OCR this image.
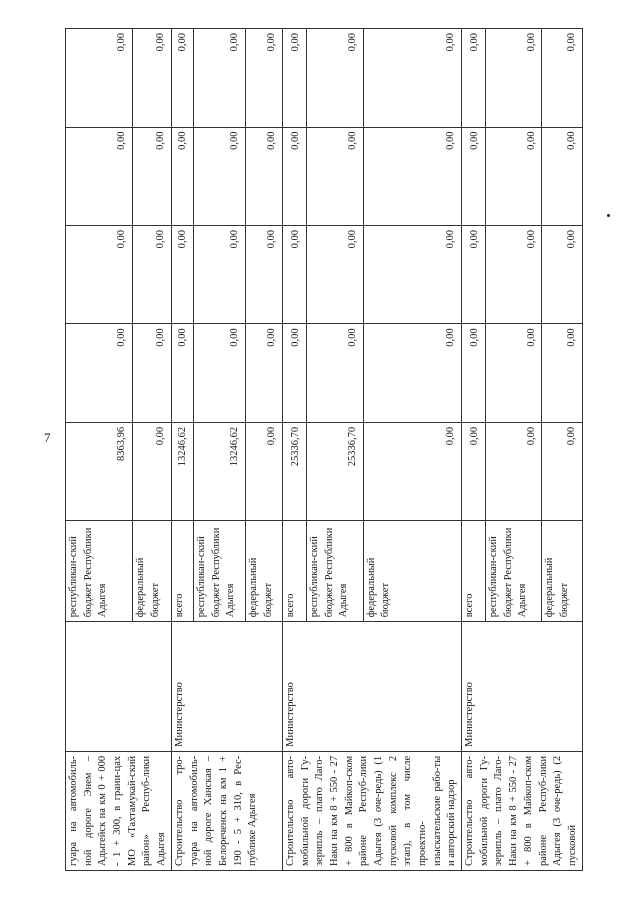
7
гуара на автомобиль-ной дороге Энем – Адыгейск на км 0 + 000 - 1 + 300, в грани-цах МО «Тахтамукай-ский район» Респуб-лики Адыгея		республикан-ский бюджет Республики Адыгея	8363,96	0,00	0,00	0,00	0,00
		федеральный бюджет	0,00	0,00	0,00	0,00	0,00
Строительство тро-туара на автомобиль-ной дороге Ханская – Белореченск на км 1 + 190 - 5 + 310, в Рес-публике Адыгея	Министерство	всего	13246,62	0,00	0,00	0,00	0,00
		республикан-ский бюджет Республики Адыгея	13246,62	0,00	0,00	0,00	0,00
		федеральный бюджет	0,00	0,00	0,00	0,00	0,00
Строительство авто-мобильной дороги Гу-зерипль – плато Лаго-Наки на км 8 + 550 - 27 + 800 в Майкоп-ском районе Респуб-лики Адыгея (3 оче-редь) (1 пусковой комплекс 2 этап), в том числе проектно-изыскательские рабо-ты и авторский надзор	Министерство	всего	25336,70	0,00	0,00	0,00	0,00
		республикан-ский бюджет Республики Адыгея	25336,70	0,00	0,00	0,00	0,00
		федеральный бюджет	0,00	0,00	0,00	0,00	0,00
Строительство авто-мобильной дороги Гу-зерипль – плато Лаго-Наки на км 8 + 550 - 27 + 800 в Майкоп-ском районе Респуб-лики Адыгея (3 оче-редь) (2 пусковой	Министерство	всего	0,00	0,00	0,00	0,00	0,00
		республикан-ский бюджет Республики Адыгея	0,00	0,00	0,00	0,00	0,00
		федеральный бюджет	0,00	0,00	0,00	0,00	0,00
